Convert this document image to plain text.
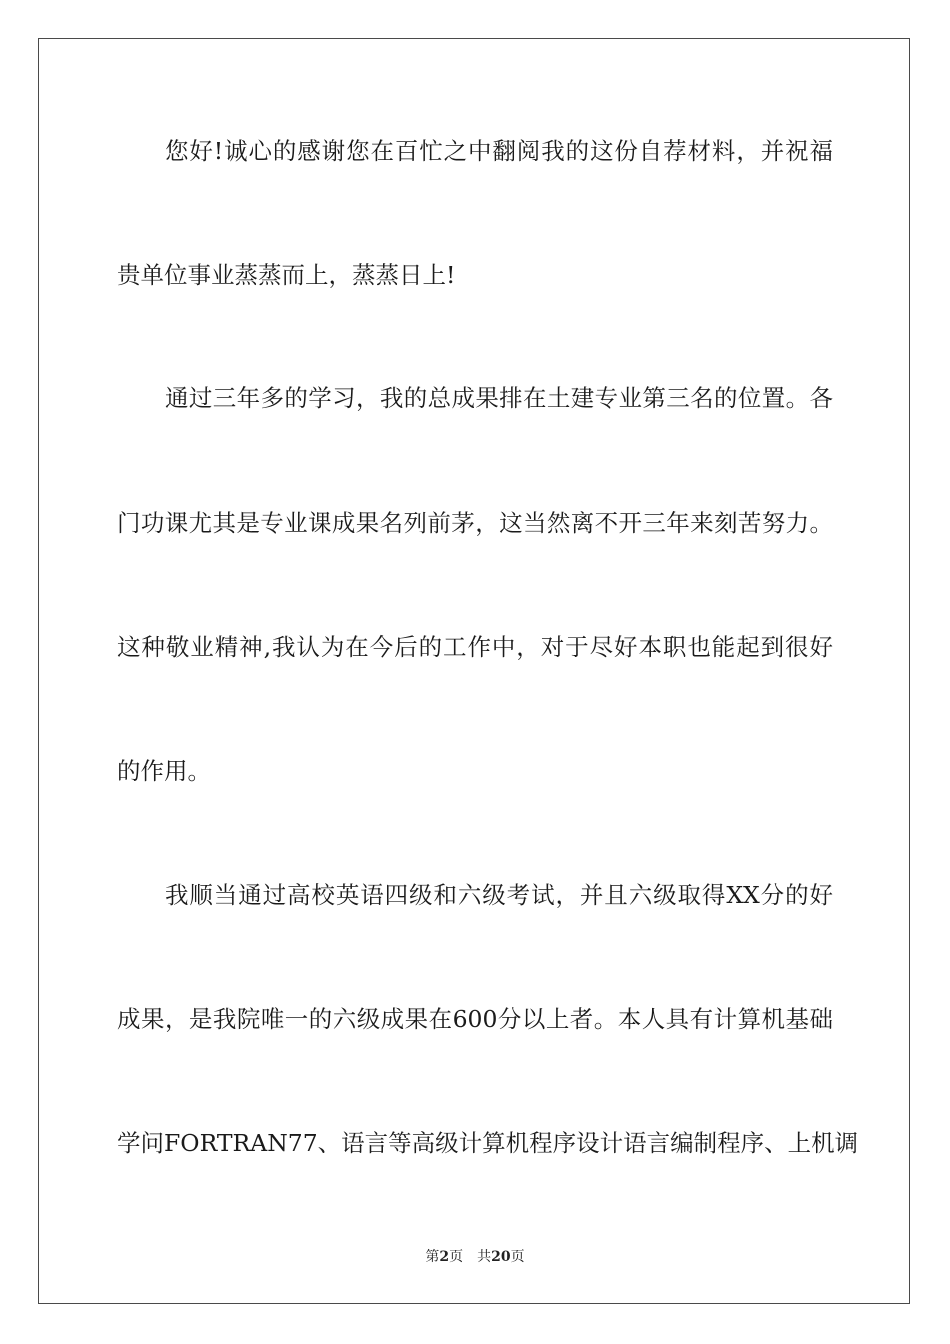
您好!诚心的感谢您在百忙之中翻阅我的这份自荐材料，并祝福
贵单位事业蒸蒸而上，蒸蒸日上!
通过三年多的学习，我的总成果排在土建专业第三名的位置。各
门功课尤其是专业课成果名列前茅，这当然离不开三年来刻苦努力。
这种敬业精神,我认为在今后的工作中，对于尽好本职也能起到很好
的作用。
我顺当通过高校英语四级和六级考试，并且六级取得XX分的好
成果，是我院唯一的六级成果在600分以上者。本人具有计算机基础
学问FORTRAN77、语言等高级计算机程序设计语言编制程序、上机调
第2页 共20页
